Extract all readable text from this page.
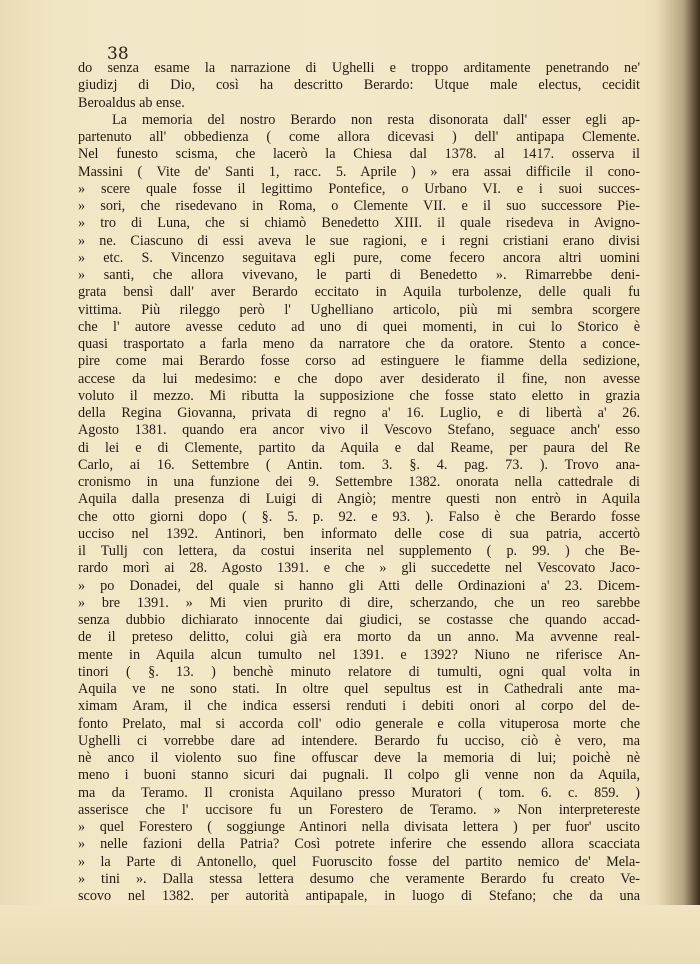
38
do senza esame la narrazione di Ughelli e troppo arditamente penetrando ne'
giudizj di Dio, così ha descritto Berardo: Utque male electus, cecidit
Beroaldus ab ense.
La memoria del nostro Berardo non resta disonorata dall' esser egli ap-
partenuto all' obbedienza ( come allora dicevasi ) dell' antipapa Clemente.
Nel funesto scisma, che lacerò la Chiesa dal 1378. al 1417. osserva il
Massini ( Vite de' Santi 1, racc. 5. Aprile ) » era assai difficile il cono-
» scere quale fosse il legittimo Pontefice, o Urbano VI. e i suoi succes-
» sori, che risedevano in Roma, o Clemente VII. e il suo successore Pie-
» tro di Luna, che si chiamò Benedetto XIII. il quale risedeva in Avigno-
» ne. Ciascuno di essi aveva le sue ragioni, e i regni cristiani erano divisi
» etc. S. Vincenzo seguitava egli pure, come fecero ancora altri uomini
» santi, che allora vivevano, le parti di Benedetto ». Rimarrebbe deni-
grata bensì dall' aver Berardo eccitato in Aquila turbolenze, delle quali fu
vittima. Più rileggo però l' Ughelliano articolo, più mi sembra scorgere
che l' autore avesse ceduto ad uno di quei momenti, in cui lo Storico è
quasi trasportato a farla meno da narratore che da oratore. Stento a conce-
pire come mai Berardo fosse corso ad estinguere le fiamme della sedizione,
accese da lui medesimo: e che dopo aver desiderato il fine, non avesse
voluto il mezzo. Mi ributta la supposizione che fosse stato eletto in grazia
della Regina Giovanna, privata di regno a' 16. Luglio, e di libertà a' 26.
Agosto 1381. quando era ancor vivo il Vescovo Stefano, seguace anch' esso
di lei e di Clemente, partito da Aquila e dal Reame, per paura del Re
Carlo, ai 16. Settembre ( Antin. tom. 3. §. 4. pag. 73. ). Trovo ana-
cronismo in una funzione dei 9. Settembre 1382. onorata nella cattedrale di
Aquila dalla presenza di Luigi di Angiò; mentre questi non entrò in Aquila
che otto giorni dopo ( §. 5. p. 92. e 93. ). Falso è che Berardo fosse
ucciso nel 1392. Antinori, ben informato delle cose di sua patria, accertò
il Tullj con lettera, da costui inserita nel supplemento ( p. 99. ) che Be-
rardo morì ai 28. Agosto 1391. e che » gli succedette nel Vescovato Jaco-
» po Donadei, del quale si hanno gli Atti delle Ordinazioni a' 23. Dicem-
» bre 1391. » Mi vien prurito di dire, scherzando, che un reo sarebbe
senza dubbio dichiarato innocente dai giudici, se costasse che quando accad-
de il preteso delitto, colui già era morto da un anno. Ma avvenne real-
mente in Aquila alcun tumulto nel 1391. e 1392? Niuno ne riferisce An-
tinori ( §. 13. ) benchè minuto relatore di tumulti, ogni qual volta in
Aquila ve ne sono stati. In oltre quel sepultus est in Cathedrali ante ma-
ximam Aram, il che indica essersi renduti i debiti onori al corpo del de-
fonto Prelato, mal si accorda coll' odio generale e colla vituperosa morte che
Ughelli ci vorrebbe dare ad intendere. Berardo fu ucciso, ciò è vero, ma
nè anco il violento suo fine offuscar deve la memoria di lui; poichè nè
meno i buoni stanno sicuri dai pugnali. Il colpo gli venne non da Aquila,
ma da Teramo. Il cronista Aquilano presso Muratori ( tom. 6. c. 859. )
asserisce che l' uccisore fu un Forestero de Teramo. » Non interpretereste
» quel Forestero ( soggiunge Antinori nella divisata lettera ) per fuor' uscito
» nelle fazioni della Patria? Così potrete inferire che essendo allora scacciata
» la Parte di Antonello, quel Fuoruscito fosse del partito nemico de' Mela-
» tini ». Dalla stessa lettera desumo che veramente Berardo fu creato Ve-
scovo nel 1382. per autorità antipapale, in luogo di Stefano; che da una
